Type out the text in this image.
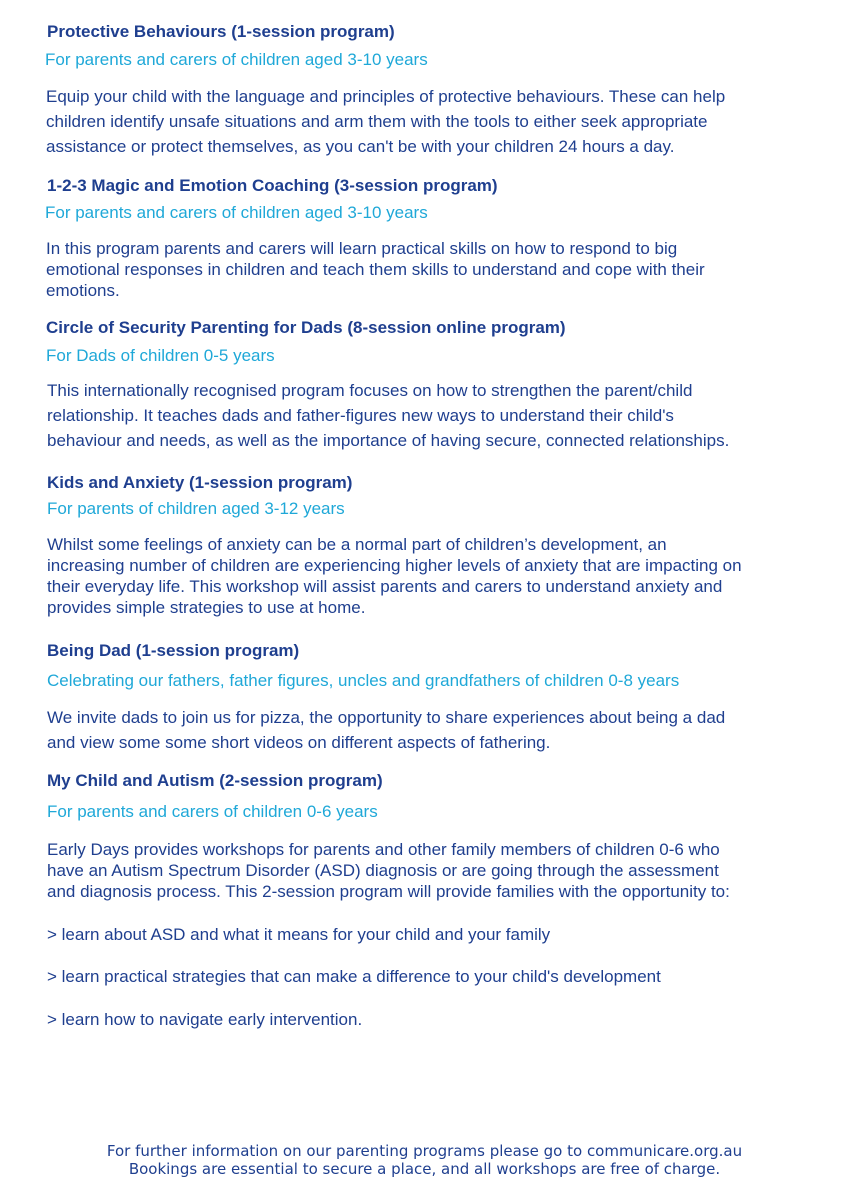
Protective Behaviours (1-session program)
For parents and carers of children aged 3-10 years
Equip your child with the language and principles of protective behaviours. These can help
children identify unsafe situations and arm them with the tools to either seek appropriate
assistance or protect themselves, as you can't be with your children 24 hours a day.
1-2-3 Magic and Emotion Coaching (3-session program)
For parents and carers of children aged 3-10 years
In this program parents and carers will learn practical skills on how to respond to big
emotional responses in children and teach them skills to understand and cope with their
emotions.
Circle of Security Parenting for Dads (8-session online program)
For Dads of children 0-5 years
This internationally recognised program focuses on how to strengthen the parent/child
relationship. It teaches dads and father-figures new ways to understand their child's
behaviour and needs, as well as the importance of having secure, connected relationships.
Kids and Anxiety (1-session program)
For parents of children aged 3-12 years
Whilst some feelings of anxiety can be a normal part of children’s development, an
increasing number of children are experiencing higher levels of anxiety that are impacting on
their everyday life. This workshop will assist parents and carers to understand anxiety and
provides simple strategies to use at home.
Being Dad (1-session program)
Celebrating our fathers, father figures, uncles and grandfathers of children 0-8 years
We invite dads to join us for pizza, the opportunity to share experiences about being a dad
and view some some short videos on different aspects of fathering.
My Child and Autism (2-session program)
For parents and carers of children 0-6 years
Early Days provides workshops for parents and other family members of children 0-6 who
have an Autism Spectrum Disorder (ASD) diagnosis or are going through the assessment
and diagnosis process. This 2-session program will provide families with the opportunity to:
> learn about ASD and what it means for your child and your family
> learn practical strategies that can make a difference to your child's development
> learn how to navigate early intervention.
For further information on our parenting programs please go to communicare.org.au
Bookings are essential to secure a place, and all workshops are free of charge.
